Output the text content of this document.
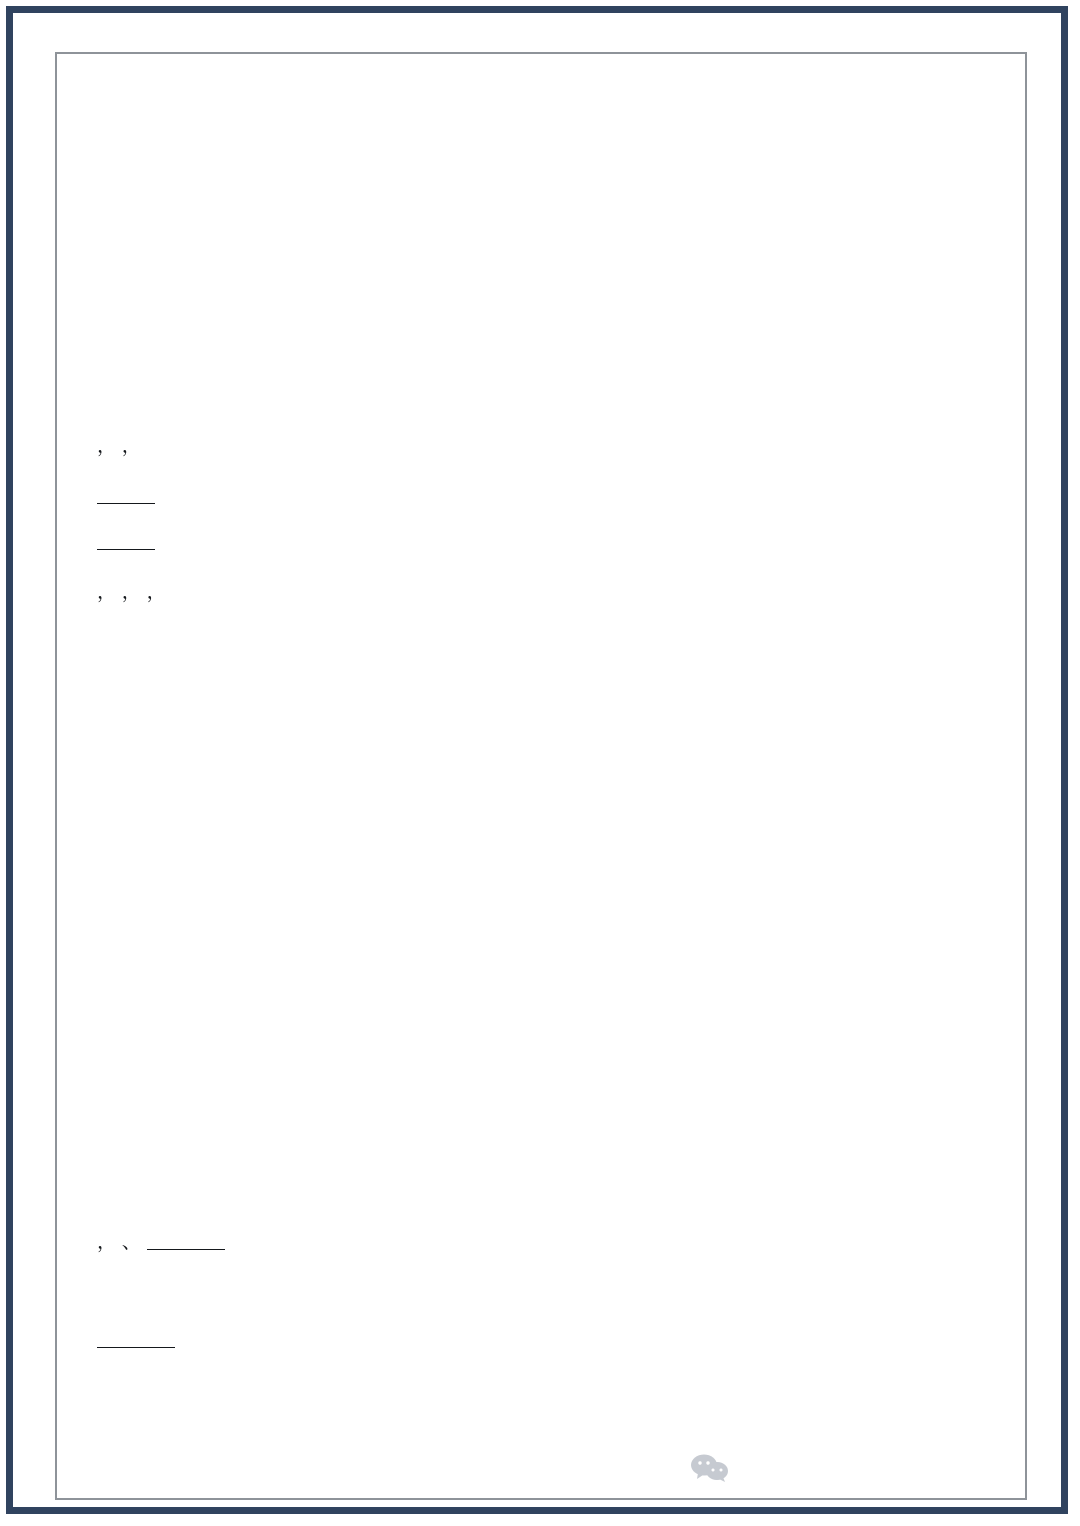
， ，
， ， ，
， 、
